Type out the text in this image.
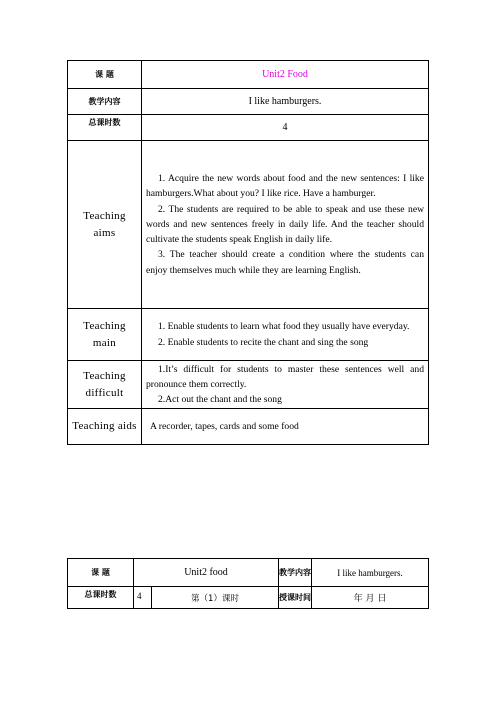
课 题	Unit2 Food
教学内容	I like hamburgers.
总课时数	4
Teaching aims	1. Acquire the new words about food and the new sentences: I like hamburgers.What about you? I like rice. Have a hamburger.

2. The students are required to be able to speak and use these new words and new sentences freely in daily life. And the teacher should cultivate the students speak English in daily life.

3. The teacher should create a condition where the students can enjoy themselves much while they are learning English.

Teaching main	1. Enable students to learn what food they usually have everyday.

2. Enable students to recite the chant and sing the song

Teaching difficult	1.It’s difficult for students to master these sentences well and pronounce them correctly.

2.Act out the chant and the song

Teaching aids	A recorder, tapes, cards and some food

课 题	Unit2 food		教学内容	I like hamburgers.
总课时数	4	第（1）课时	授课时间	年 月 日
